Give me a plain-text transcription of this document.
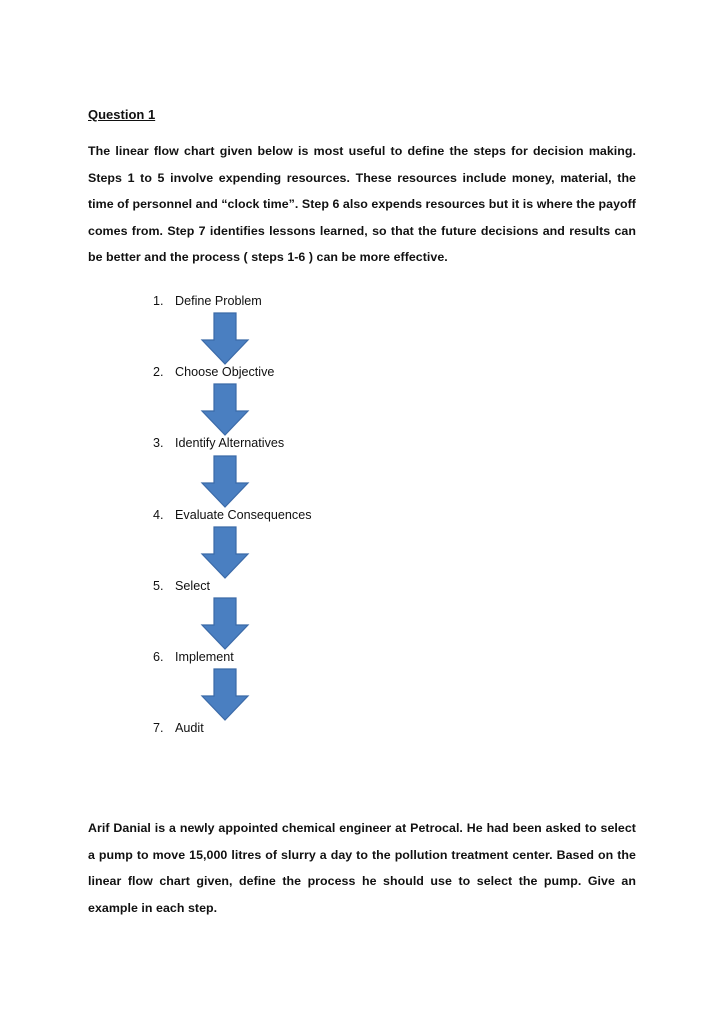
Question 1

The linear flow chart given below is most useful to define the steps for decision making. Steps 1 to 5 involve expending resources. These resources include money, material, the time of personnel and “clock time”. Step 6 also expends resources but it is where the payoff comes from. Step 7 identifies lessons learned, so that the future decisions and results can be better and the process ( steps 1-6 ) can be more effective.

1. Define Problem
2. Choose Objective
3. Identify Alternatives
4. Evaluate Consequences
5. Select
6. Implement
7. Audit

Arif Danial is a newly appointed chemical engineer at Petrocal. He had been asked to select a pump to move 15,000 litres of slurry a day to the pollution treatment center. Based on the linear flow chart given, define the process he should use to select the pump. Give an example in each step.
